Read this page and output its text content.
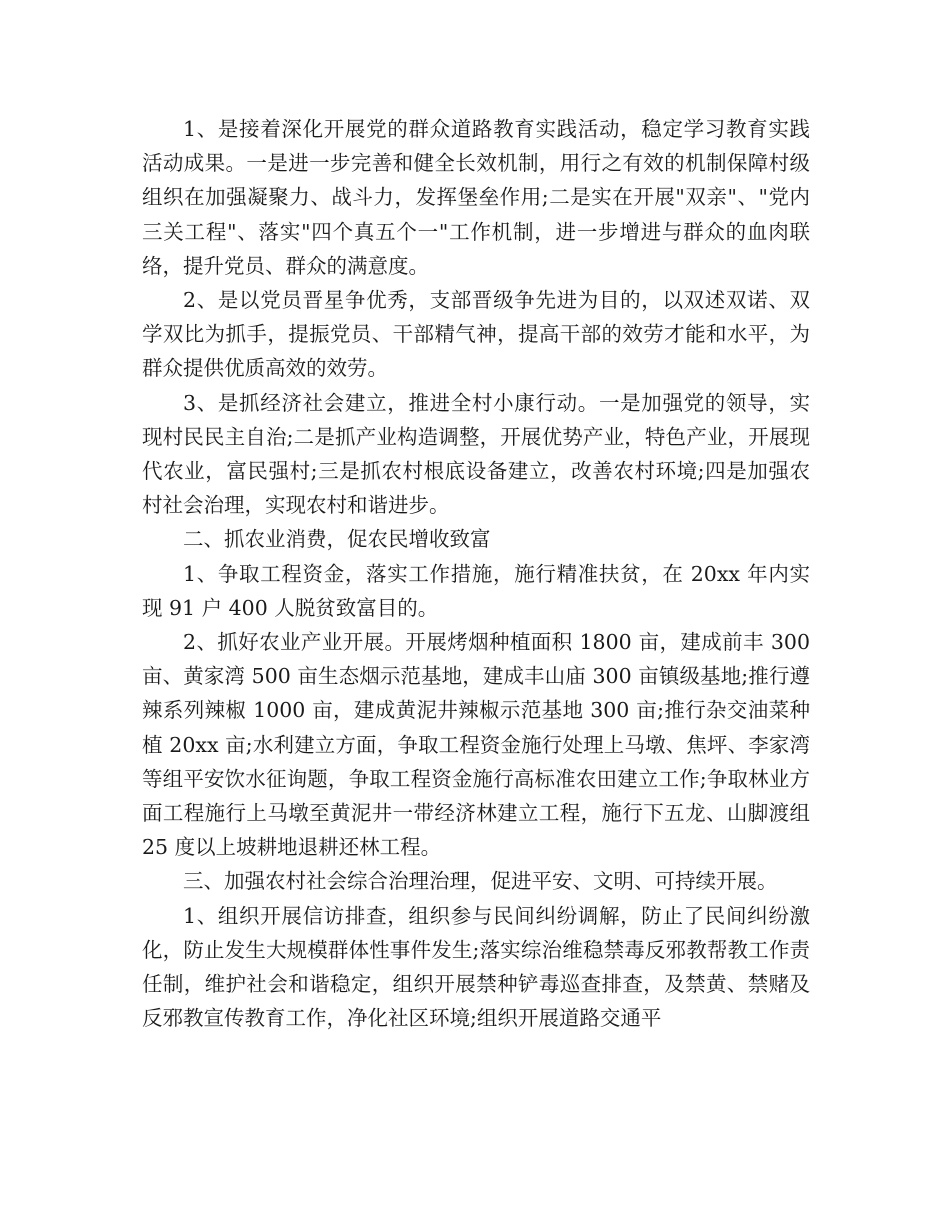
1、是接着深化开展党的群众道路教育实践活动，稳定学习教育实践活动成果。一是进一步完善和健全长效机制，用行之有效的机制保障村级组织在加强凝聚力、战斗力，发挥堡垒作用;二是实在开展"双亲"、"党内三关工程"、落实"四个真五个一"工作机制，进一步增进与群众的血肉联络，提升党员、群众的满意度。

2、是以党员晋星争优秀，支部晋级争先进为目的，以双述双诺、双学双比为抓手，提振党员、干部精气神，提高干部的效劳才能和水平，为群众提供优质高效的效劳。

3、是抓经济社会建立，推进全村小康行动。一是加强党的领导，实现村民民主自治;二是抓产业构造调整，开展优势产业，特色产业，开展现代农业，富民强村;三是抓农村根底设备建立，改善农村环境;四是加强农村社会治理，实现农村和谐进步。

二、抓农业消费，促农民增收致富

1、争取工程资金，落实工作措施，施行精准扶贫，在 20xx 年内实现 91 户 400 人脱贫致富目的。

2、抓好农业产业开展。开展烤烟种植面积 1800 亩，建成前丰 300 亩、黄家湾 500 亩生态烟示范基地，建成丰山庙 300 亩镇级基地;推行遵辣系列辣椒 1000 亩，建成黄泥井辣椒示范基地 300 亩;推行杂交油菜种植 20xx 亩;水利建立方面，争取工程资金施行处理上马墩、焦坪、李家湾等组平安饮水征询题，争取工程资金施行高标准农田建立工作;争取林业方面工程施行上马墩至黄泥井一带经济林建立工程，施行下五龙、山脚渡组 25 度以上坡耕地退耕还林工程。

三、加强农村社会综合治理治理，促进平安、文明、可持续开展。

1、组织开展信访排查，组织参与民间纠纷调解，防止了民间纠纷激化，防止发生大规模群体性事件发生;落实综治维稳禁毒反邪教帮教工作责任制，维护社会和谐稳定，组织开展禁种铲毒巡查排查，及禁黄、禁赌及反邪教宣传教育工作，净化社区环境;组织开展道路交通平
